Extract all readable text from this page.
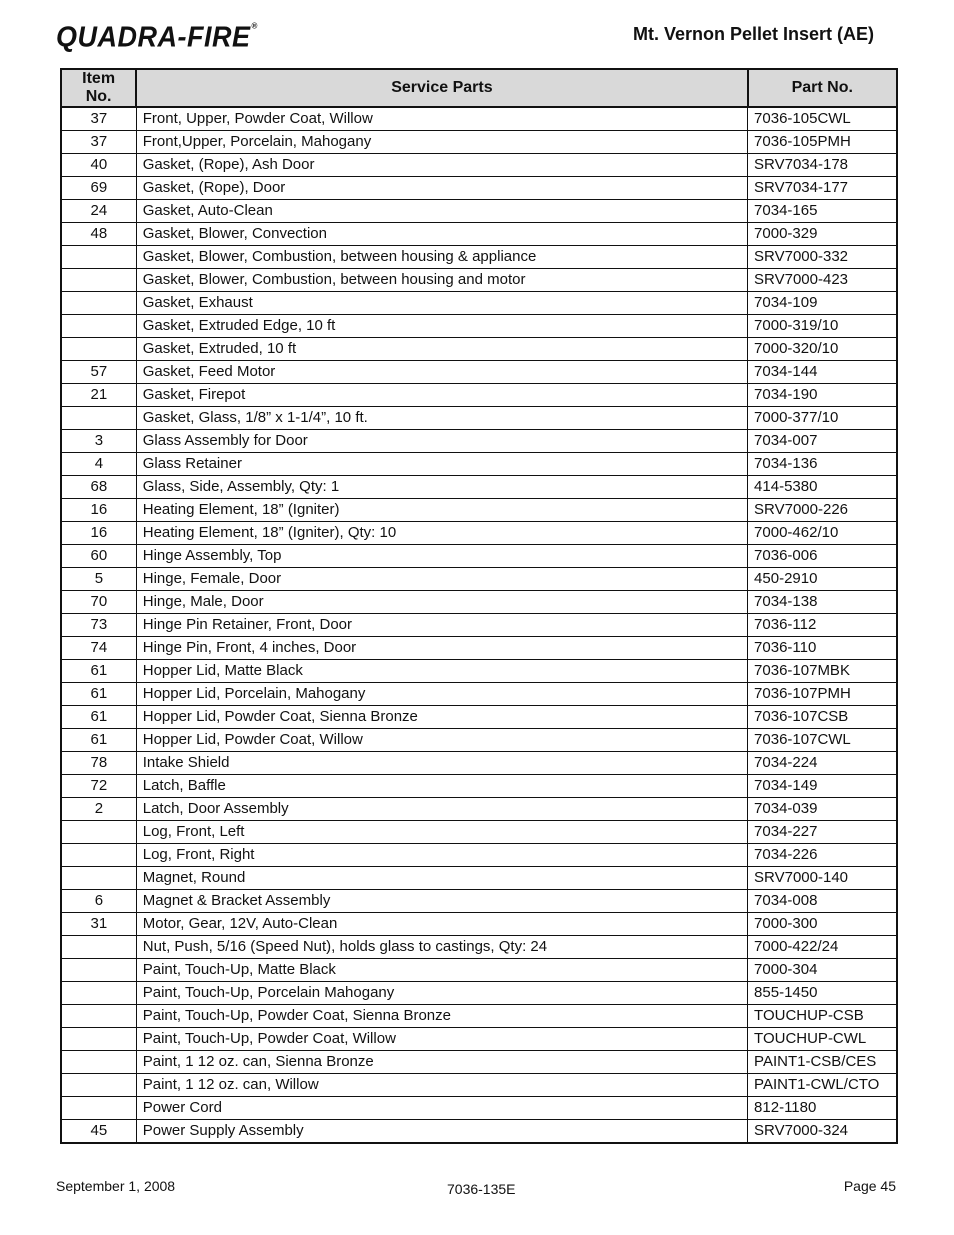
QUADRA-FIRE®	Mt. Vernon Pellet Insert (AE)
Item No.	Service Parts	Part No.
37	Front, Upper, Powder Coat, Willow	7036-105CWL
37	Front,Upper, Porcelain, Mahogany	7036-105PMH
40	Gasket, (Rope), Ash Door	SRV7034-178
69	Gasket, (Rope), Door	SRV7034-177
24	Gasket, Auto-Clean	7034-165
48	Gasket, Blower, Convection	7000-329
	Gasket, Blower, Combustion, between housing & appliance	SRV7000-332
	Gasket, Blower, Combustion, between housing and motor	SRV7000-423
	Gasket, Exhaust	7034-109
	Gasket, Extruded Edge, 10 ft	7000-319/10
	Gasket, Extruded, 10 ft	7000-320/10
57	Gasket, Feed Motor	7034-144
21	Gasket, Firepot	7034-190
	Gasket, Glass, 1/8” x 1-1/4”, 10 ft.	7000-377/10
3	Glass Assembly for Door	7034-007
4	Glass Retainer	7034-136
68	Glass, Side, Assembly, Qty: 1	414-5380
16	Heating Element, 18” (Igniter)	SRV7000-226
16	Heating Element, 18” (Igniter), Qty: 10	7000-462/10
60	Hinge Assembly, Top	7036-006
5	Hinge, Female, Door	450-2910
70	Hinge, Male, Door	7034-138
73	Hinge Pin Retainer, Front, Door	7036-112
74	Hinge Pin, Front, 4 inches, Door	7036-110
61	Hopper Lid, Matte Black	7036-107MBK
61	Hopper Lid, Porcelain, Mahogany	7036-107PMH
61	Hopper Lid, Powder Coat, Sienna Bronze	7036-107CSB
61	Hopper Lid, Powder Coat, Willow	7036-107CWL
78	Intake Shield	7034-224
72	Latch, Baffle	7034-149
2	Latch, Door Assembly	7034-039
	Log, Front, Left	7034-227
	Log, Front, Right	7034-226
	Magnet, Round	SRV7000-140
6	Magnet & Bracket Assembly	7034-008
31	Motor, Gear, 12V, Auto-Clean	7000-300
	Nut, Push, 5/16 (Speed Nut), holds glass to castings, Qty: 24	7000-422/24
	Paint, Touch-Up, Matte Black	7000-304
	Paint, Touch-Up, Porcelain Mahogany	855-1450
	Paint, Touch-Up, Powder Coat, Sienna Bronze	TOUCHUP-CSB
	Paint, Touch-Up, Powder Coat, Willow	TOUCHUP-CWL
	Paint, 1 12 oz. can, Sienna Bronze	PAINT1-CSB/CES
	Paint, 1 12 oz. can, Willow	PAINT1-CWL/CTO
	Power Cord	812-1180
45	Power Supply Assembly	SRV7000-324
September 1, 2008	7036-135E	Page 45
